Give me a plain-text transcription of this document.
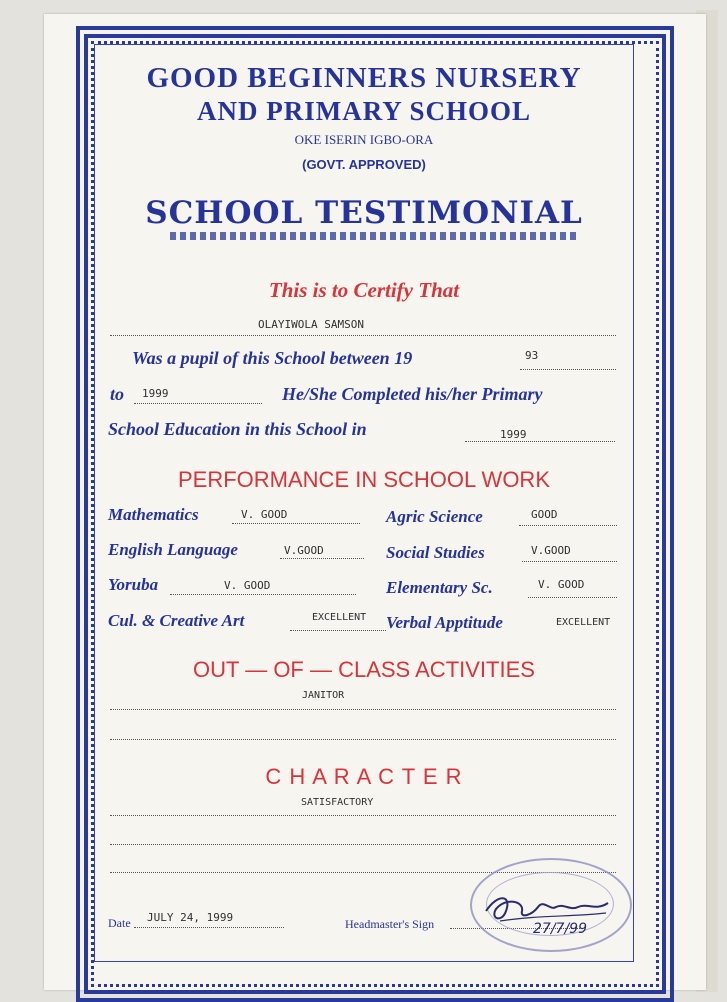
GOOD BEGINNERS NURSERY
AND PRIMARY SCHOOL
OKE ISERIN IGBO-ORA
(GOVT. APPROVED)
SCHOOL TESTIMONIAL
This is to Certify That
OLAYIWOLA SAMSON
Was a pupil of this School between 19	93
to 1999	He/She Completed his/her Primary
School Education in this School in	1999
PERFORMANCE IN SCHOOL WORK
Mathematics	V. GOOD	Agric Science	GOOD
English Language	V.GOOD	Social Studies	V.GOOD
Yoruba	V. GOOD	Elementary Sc.	V. GOOD
Cul. & Creative Art	EXCELLENT Verbal Apptitude	EXCELLENT
OUT — OF — CLASS ACTIVITIES
JANITOR
C H A R A C T E R
SATISFACTORY
Date JULY 24, 1999	Headmaster's Sign	27/7/99
